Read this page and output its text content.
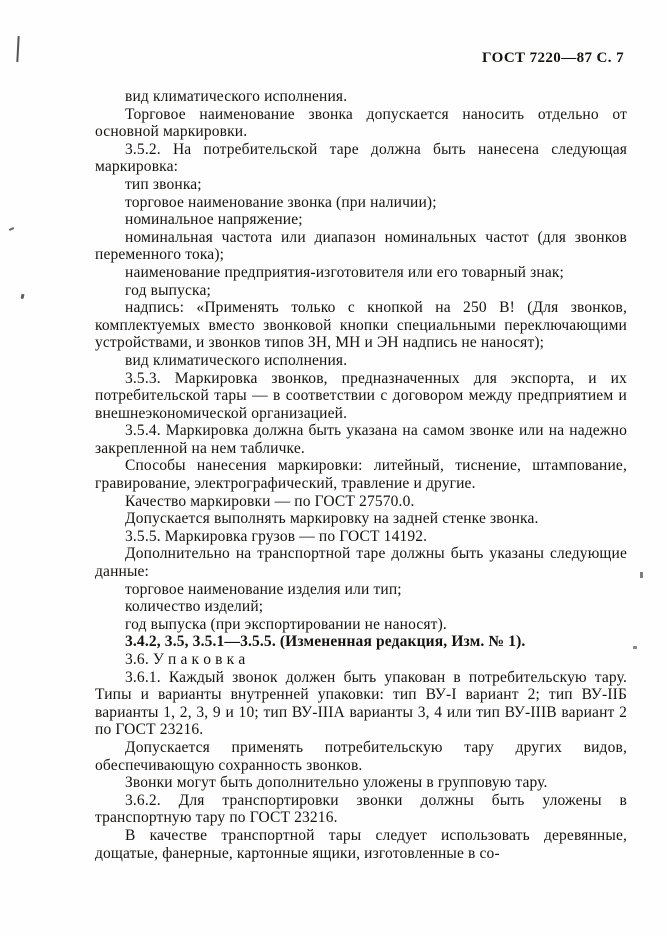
ГОСТ 7220—87 С. 7

вид климатического исполнения.

Торговое наименование звонка допускается наносить отдельно от основной маркировки.

3.5.2. На потребительской таре должна быть нанесена следующая маркировка:

тип звонка;

торговое наименование звонка (при наличии);

номинальное напряжение;

номинальная частота или диапазон номинальных частот (для звонков переменного тока);

наименование предприятия-изготовителя или его товарный знак;

год выпуска;

надпись: «Применять только с кнопкой на 250 В! (Для звонков, комплектуемых вместо звонковой кнопки специальными переключающими устройствами, и звонков типов ЗН, МН и ЭН надпись не наносят);

вид климатического исполнения.

3.5.3. Маркировка звонков, предназначенных для экспорта, и их потребительской тары — в соответствии с договором между предприятием и внешнеэкономической организацией.

3.5.4. Маркировка должна быть указана на самом звонке или на надежно закрепленной на нем табличке.

Способы нанесения маркировки: литейный, тиснение, штампование, гравирование, электрографический, травление и другие.

Качество маркировки — по ГОСТ 27570.0.

Допускается выполнять маркировку на задней стенке звонка.

3.5.5. Маркировка грузов — по ГОСТ 14192.

Дополнительно на транспортной таре должны быть указаны следующие данные:

торговое наименование изделия или тип;

количество изделий;

год выпуска (при экспортировании не наносят).

3.4.2, 3.5, 3.5.1—3.5.5. (Измененная редакция, Изм. № 1).

3.6. У п а к о в к а

3.6.1. Каждый звонок должен быть упакован в потребительскую тару. Типы и варианты внутренней упаковки: тип ВУ-I вариант 2; тип ВУ-IIБ варианты 1, 2, 3, 9 и 10; тип ВУ-IIIА варианты 3, 4 или тип ВУ-IIIВ вариант 2 по ГОСТ 23216.

Допускается применять потребительскую тару других видов, обеспечивающую сохранность звонков.

Звонки могут быть дополнительно уложены в групповую тару.

3.6.2. Для транспортировки звонки должны быть уложены в транспортную тару по ГОСТ 23216.

В качестве транспортной тары следует использовать деревянные, дощатые, фанерные, картонные ящики, изготовленные в со-
